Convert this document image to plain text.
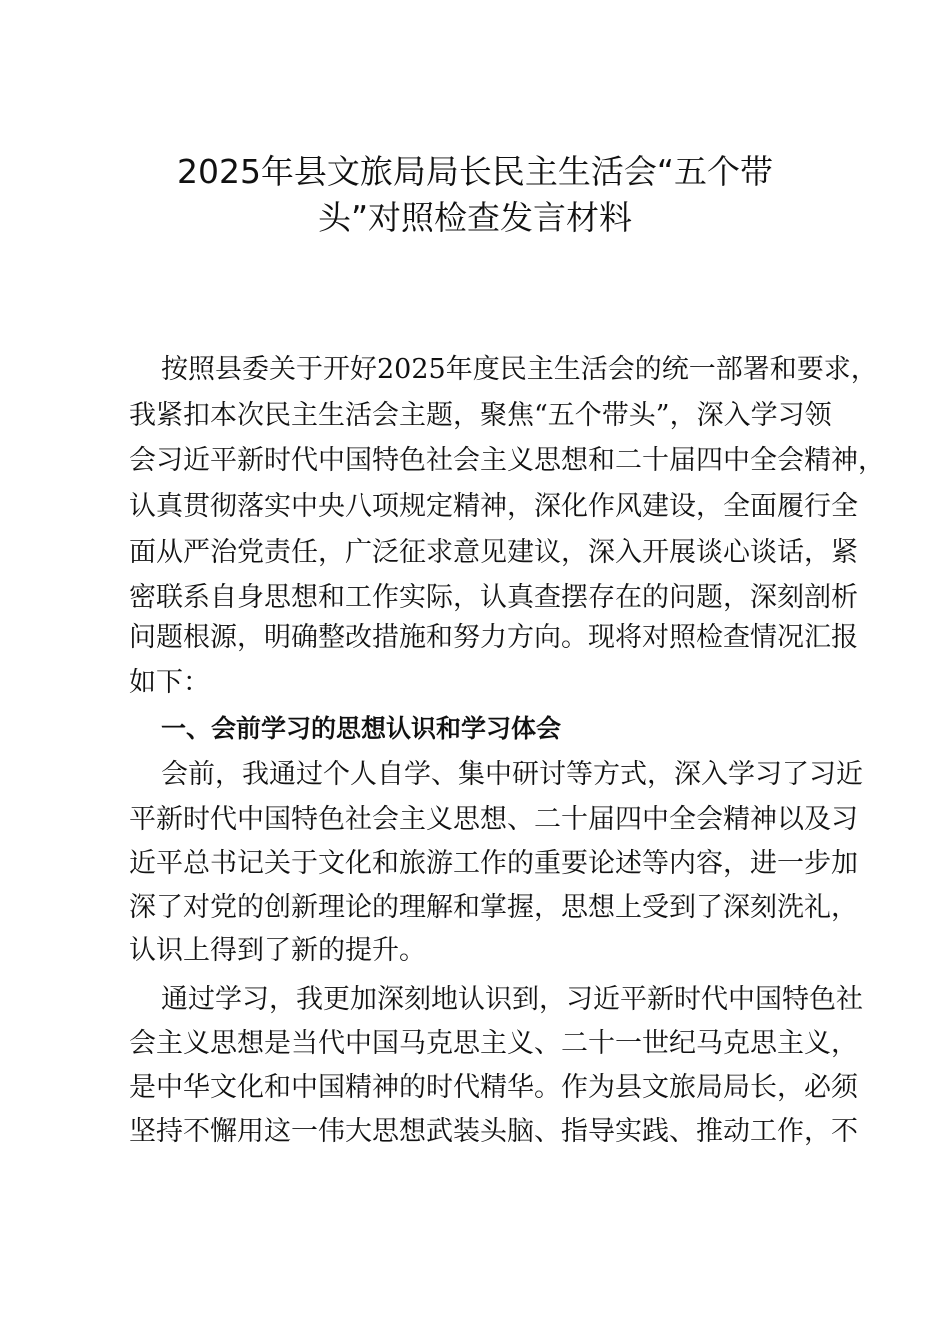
2025年县文旅局局长民主生活会“五个带
头”对照检查发言材料
按照县委关于开好2025年度民主生活会的统一部署和要求，
我紧扣本次民主生活会主题，聚焦“五个带头”，深入学习领
会习近平新时代中国特色社会主义思想和二十届四中全会精神，
认真贯彻落实中央八项规定精神，深化作风建设，全面履行全
面从严治党责任，广泛征求意见建议，深入开展谈心谈话，紧
密联系自身思想和工作实际，认真查摆存在的问题，深刻剖析
问题根源，明确整改措施和努力方向。现将对照检查情况汇报
如下：
一、会前学习的思想认识和学习体会
会前，我通过个人自学、集中研讨等方式，深入学习了习近
平新时代中国特色社会主义思想、二十届四中全会精神以及习
近平总书记关于文化和旅游工作的重要论述等内容，进一步加
深了对党的创新理论的理解和掌握，思想上受到了深刻洗礼，
认识上得到了新的提升。
通过学习，我更加深刻地认识到，习近平新时代中国特色社
会主义思想是当代中国马克思主义、二十一世纪马克思主义，
是中华文化和中国精神的时代精华。作为县文旅局局长，必须
坚持不懈用这一伟大思想武装头脑、指导实践、推动工作，不
